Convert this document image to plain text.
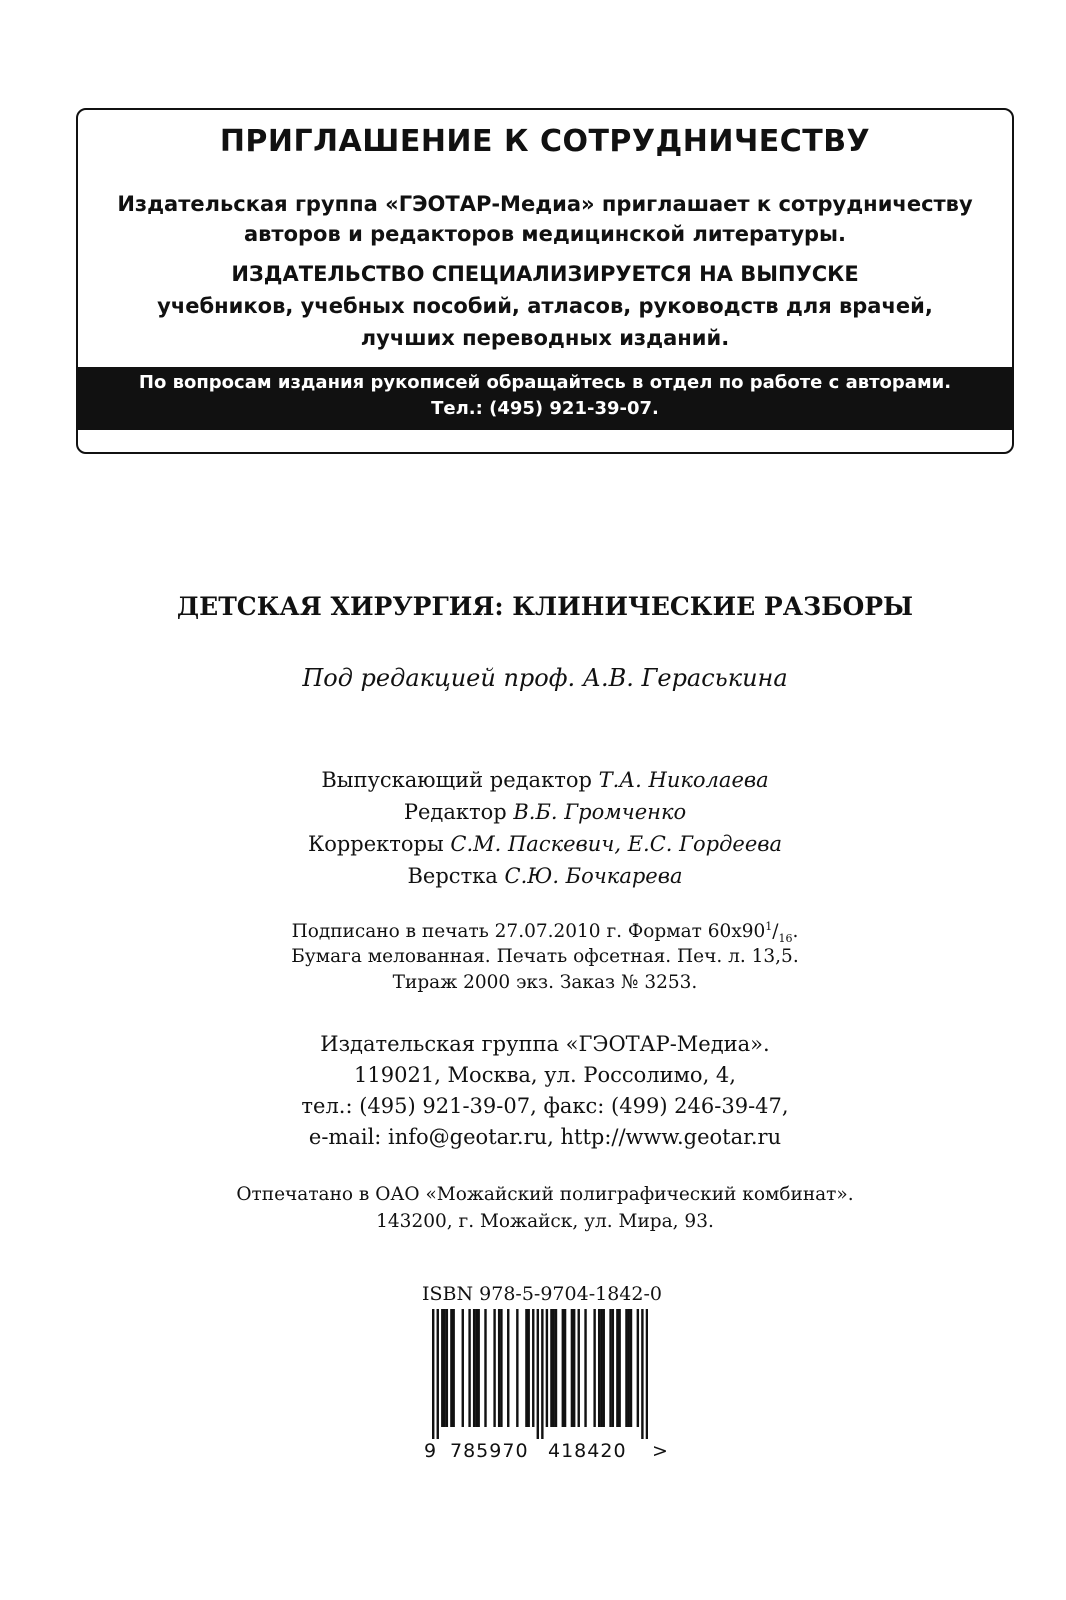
ПРИГЛАШЕНИЕ К СОТРУДНИЧЕСТВУ
Издательская группа «ГЭОТАР-Медиа» приглашает к сотрудничеству
авторов и редакторов медицинской литературы.
ИЗДАТЕЛЬСТВО СПЕЦИАЛИЗИРУЕТСЯ НА ВЫПУСКЕ
учебников, учебных пособий, атласов, руководств для врачей,
лучших переводных изданий.
По вопросам издания рукописей обращайтесь в отдел по работе с авторами.
Тел.: (495) 921-39-07.
ДЕТСКАЯ ХИРУРГИЯ: КЛИНИЧЕСКИЕ РАЗБОРЫ
Под редакцией проф. А.В. Гераськина
Выпускающий редактор Т.А. Николаева
Редактор В.Б. Громченко
Корректоры С.М. Паскевич, Е.С. Гордеева
Верстка С.Ю. Бочкарева
Подписано в печать 27.07.2010 г. Формат $60x90^1/_{16}$.
Бумага мелованная. Печать офсетная. Печ. л. 13,5.
Тираж 2000 экз. Заказ № 3253.
Издательская группа «ГЭОТАР-Медиа».
119021, Москва, ул. Россолимо, 4,
тел.: (495) 921-39-07, факс: (499) 246-39-47,
e-mail: info@geotar.ru, http://www.geotar.ru
Отпечатано в ОАО «Можайский полиграфический комбинат».
143200, г. Можайск, ул. Мира, 93.
ISBN 978-5-9704-1842-0
9 785970 418420 >
